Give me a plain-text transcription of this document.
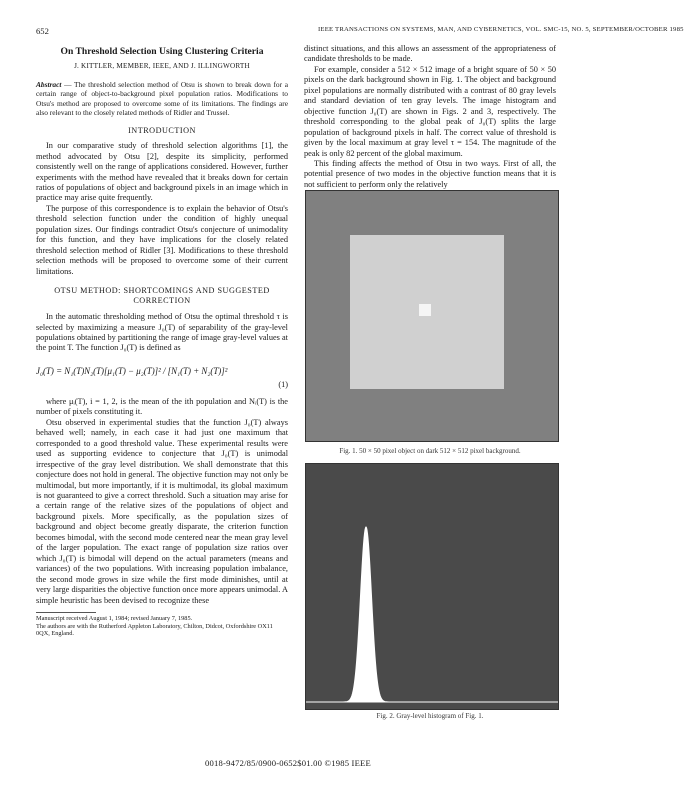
652	IEEE TRANSACTIONS ON SYSTEMS, MAN, AND CYBERNETICS, VOL. SMC-15, NO. 5, SEPTEMBER/OCTOBER 1985
On Threshold Selection Using Clustering Criteria
J. KITTLER, MEMBER, IEEE, AND J. ILLINGWORTH
Abstract — The threshold selection method of Otsu is shown to break down for a certain range of object-to-background pixel population ratios. Modifications to Otsu's method are proposed to overcome some of its limitations. The findings are also relevant to the closely related methods of Ridler and Trussel.
INTRODUCTION

In our comparative study of threshold selection algorithms [1], the method advocated by Otsu [2], despite its simplicity, performed consistently well on the range of applications considered. However, further experiments with the method have revealed that it breaks down for certain ratios of populations of object and background pixels in an image which in practice may arise quite frequently.

The purpose of this correspondence is to explain the behavior of Otsu's threshold selection function under the condition of highly unequal population sizes. Our findings contradict Otsu's conjecture of unimodality for this function, and they have implications for the closely related threshold selection method of Ridler [3]. Modifications to these threshold selection methods will be proposed to overcome some of their current limitations.

OTSU METHOD: SHORTCOMINGS AND SUGGESTED
CORRECTION

In the automatic thresholding method of Otsu the optimal threshold τ is selected by maximizing a measure J₀(T) of separability of the gray-level populations obtained by partitioning the range of image gray-level values at the point T. The function J₀(T) is defined as

J₀(T) = N₁(T)N₂(T)[μ₁(T) − μ₂(T)]² / [N₁(T) + N₂(T)]²
(1)

where μᵢ(T), i = 1, 2, is the mean of the ith population and Nᵢ(T) is the number of pixels constituting it.

Otsu observed in experimental studies that the function J₀(T) always behaved well; namely, in each case it had just one maximum that corresponded to a good threshold value. These experimental results were used as supporting evidence to conjecture that J₀(T) is unimodal irrespective of the gray level distribution. We shall demonstrate that this conjecture does not hold in general. The objective function may not only be multimodal, but more importantly, if it is multimodal, its global maximum is not guaranteed to give a correct threshold. Such a situation may arise for a certain range of the relative sizes of the populations of object and background pixels. More specifically, as the population sizes of background and object become greatly disparate, the criterion function becomes bimodal, with the second mode centered near the mean gray level of the larger population. The exact range of population size ratios over which J₀(T) is bimodal will depend on the actual parameters (means and variances) of the two populations. With increasing population imbalance, the second mode grows in size while the first mode diminishes, until at very large disparities the objective function once more appears unimodal. A simple heuristic has been devised to recognize these

Manuscript received August 1, 1984; revised January 7, 1985.

The authors are with the Rutherford Appleton Laboratory, Chilton, Didcot, Oxfordshire OX11 0QX, England.

distinct situations, and this allows an assessment of the appropriateness of candidate thresholds to be made.

For example, consider a 512 × 512 image of a bright square of 50 × 50 pixels on the dark background shown in Fig. 1. The object and background pixel populations are normally distributed with a contrast of 80 gray levels and standard deviation of ten gray levels. The image histogram and objective function J₀(T) are shown in Figs. 2 and 3, respectively. The threshold corresponding to the global peak of J₀(T) splits the large population of background pixels in half. The correct value of threshold is given by the local maximum at gray level τ = 154. The magnitude of the peak is only 82 percent of the global maximum.

This finding affects the method of Otsu in two ways. First of all, the potential presence of two modes in the objective function means that it is not sufficient to perform only the relatively

Fig. 1. 50 × 50 pixel object on dark 512 × 512 pixel background.
Fig. 2. Gray-level histogram of Fig. 1.
0018-9472/85/0900-0652$01.00 ©1985 IEEE
